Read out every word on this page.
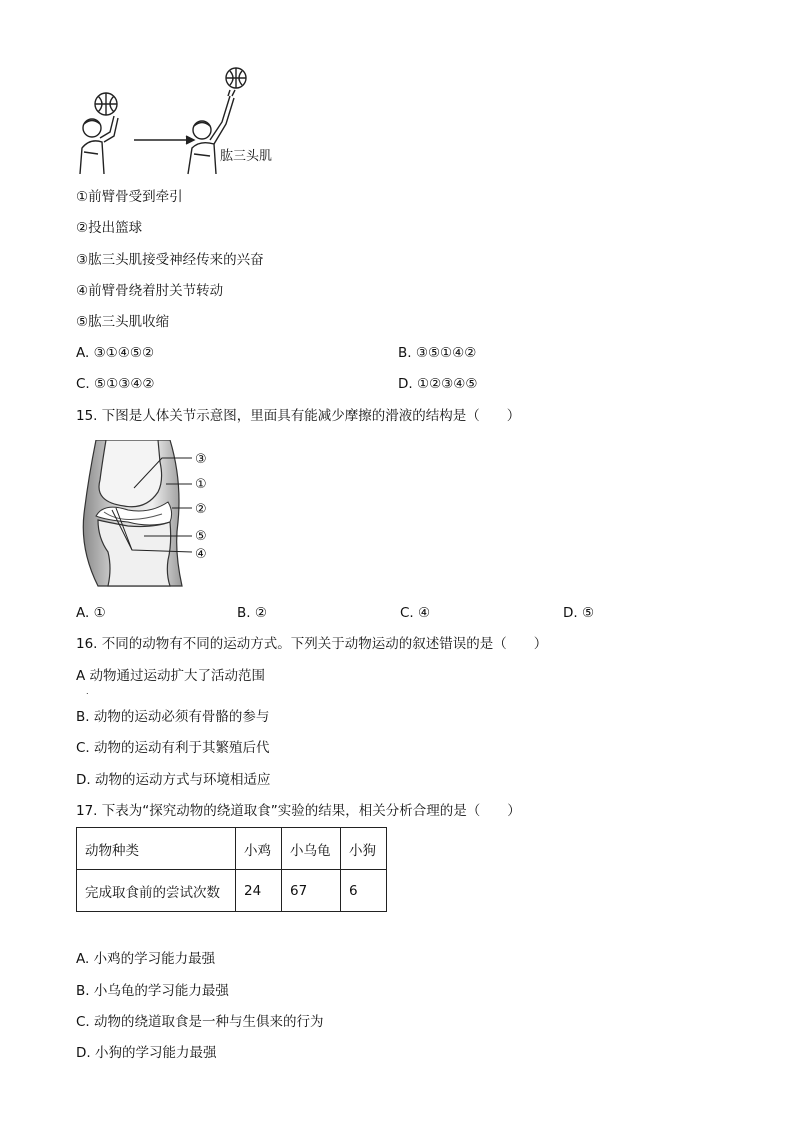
肱三头肌
①前臂骨受到牵引
②投出篮球
③肱三头肌接受神经传来的兴奋
④前臂骨绕着肘关节转动
⑤肱三头肌收缩
A. ③①④⑤②	B. ③⑤①④②
C. ⑤①③④②	D. ①②③④⑤
15. 下图是人体关节示意图，里面具有能减少摩擦的滑液的结构是（　　）
③
①
②
⑤
④
A. ①	B. ②	C. ④	D. ⑤
16. 不同的动物有不同的运动方式。下列关于动物运动的叙述错误的是（　　）
A 动物通过运动扩大了活动范围
.
B. 动物的运动必须有骨骼的参与
C. 动物的运动有利于其繁殖后代
D. 动物的运动方式与环境相适应
17. 下表为“探究动物的绕道取食”实验的结果，相关分析合理的是（　　）
动物种类	小鸡	小乌龟	小狗
完成取食前的尝试次数	24	67	6
A. 小鸡的学习能力最强
B. 小乌龟的学习能力最强
C. 动物的绕道取食是一种与生俱来的行为
D. 小狗的学习能力最强
